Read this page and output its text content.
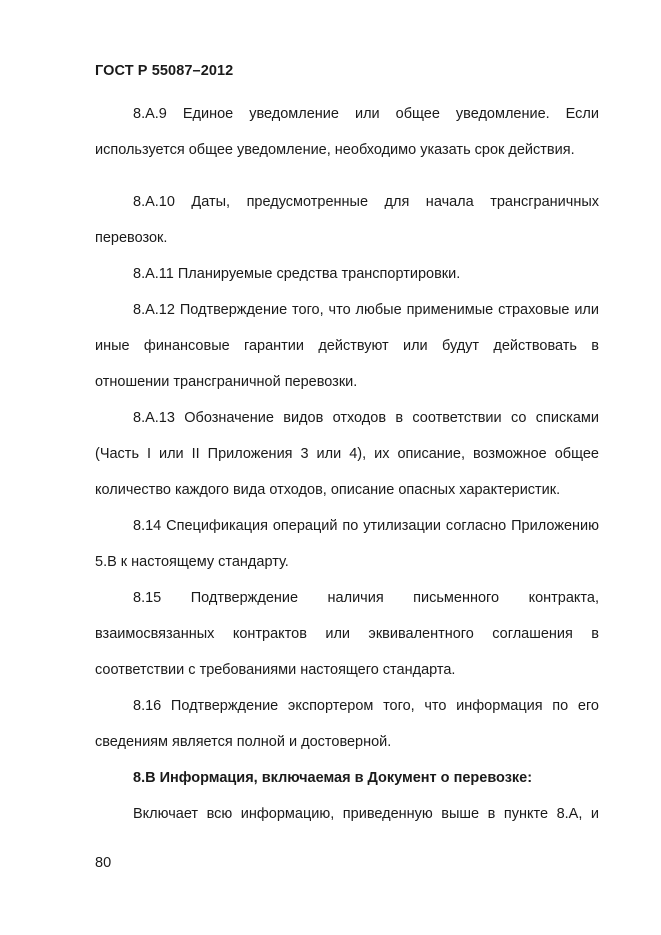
ГОСТ Р 55087–2012

8.А.9 Единое уведомление или общее уведомление. Если используется общее уведомление, необходимо указать срок действия.

8.А.10 Даты, предусмотренные для начала трансграничных перевозок.

8.А.11 Планируемые средства транспортировки.

8.А.12 Подтверждение того, что любые применимые страховые или иные финансовые гарантии действуют или будут действовать в отношении трансграничной перевозки.

8.А.13 Обозначение видов отходов в соответствии со списками (Часть I или II Приложения 3 или 4), их описание, возможное общее количество каждого вида отходов, описание опасных характеристик.

8.14 Спецификация операций по утилизации согласно Приложению 5.В к настоящему стандарту.

8.15 Подтверждение наличия письменного контракта, взаимосвязанных контрактов или эквивалентного соглашения в соответствии с требованиями настоящего стандарта.

8.16 Подтверждение экспортером того, что информация по его сведениям является полной и достоверной.

8.В Информация, включаемая в Документ о перевозке:

Включает всю информацию, приведенную выше в пункте 8.А, и

80
